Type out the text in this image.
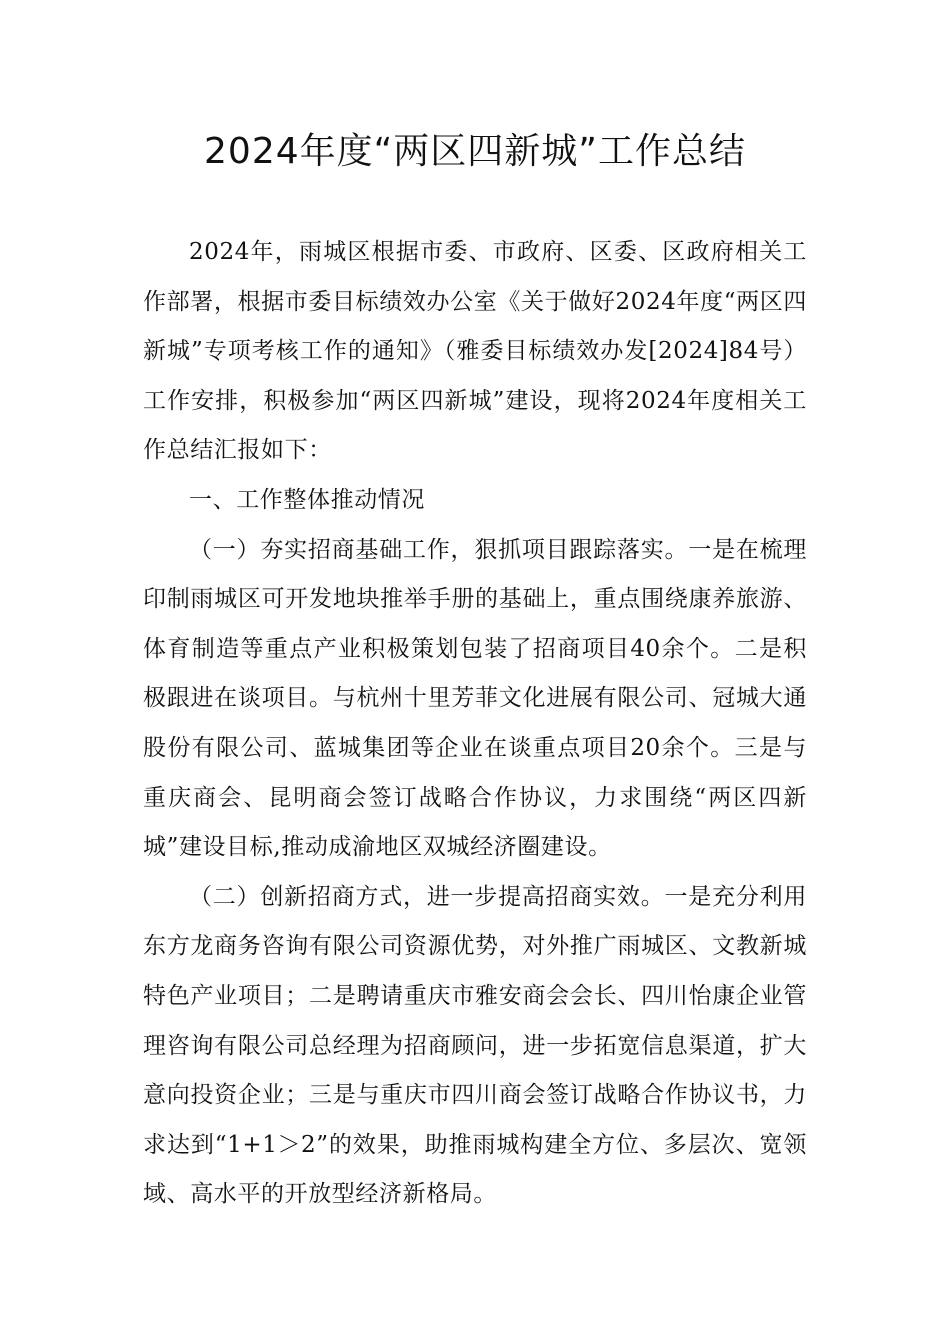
2024年度“两区四新城”工作总结

2024年，雨城区根据市委、市政府、区委、区政府相关工作部署，根据市委目标绩效办公室《关于做好2024年度“两区四新城”专项考核工作的通知》（雅委目标绩效办发[2024]84号）工作安排，积极参加“两区四新城”建设，现将2024年度相关工作总结汇报如下：

一、工作整体推动情况

（一）夯实招商基础工作，狠抓项目跟踪落实。一是在梳理印制雨城区可开发地块推举手册的基础上，重点围绕康养旅游、体育制造等重点产业积极策划包装了招商项目40余个。二是积极跟进在谈项目。与杭州十里芳菲文化进展有限公司、冠城大通股份有限公司、蓝城集团等企业在谈重点项目20余个。三是与重庆商会、昆明商会签订战略合作协议，力求围绕“两区四新城”建设目标,推动成渝地区双城经济圈建设。

（二）创新招商方式，进一步提高招商实效。一是充分利用东方龙商务咨询有限公司资源优势，对外推广雨城区、文教新城特色产业项目；二是聘请重庆市雅安商会会长、四川怡康企业管理咨询有限公司总经理为招商顾问，进一步拓宽信息渠道，扩大意向投资企业；三是与重庆市四川商会签订战略合作协议书，力求达到“1+1＞2”的效果，助推雨城构建全方位、多层次、宽领域、高水平的开放型经济新格局。
